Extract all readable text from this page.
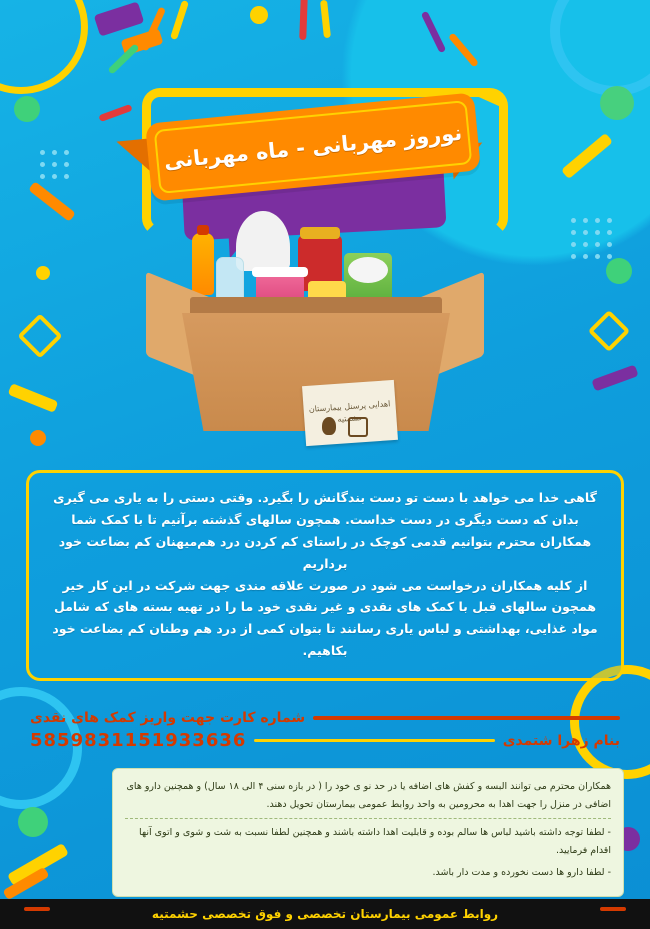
نوروز مهربانی - ماه مهربانی
اهدایی پرسنل بیمارستان حشمتیه

گاهی خدا می خواهد با دست تو دست بندگانش را بگیرد. وقتی دستی را به یاری می گیری بدان که دست دیگری در دست خداست. همچون سالهای گذشته برآنیم تا با کمک شما همکاران محترم بتوانیم قدمی کوچک در راستای کم کردن درد هم‌میهنان کم بضاعت خود برداریم

از کلیه همکاران درخواست می شود در صورت علاقه مندی جهت شرکت در این کار خیر همچون سالهای قبل با کمک های نقدی و غیر نقدی خود ما را در تهیه بسته های که شامل مواد غذایی، بهداشتی و لباس یاری رسانند تا بتوان کمی از درد هم وطنان کم بضاعت خود بکاهیم.

شماره کارت جهت واریز کمک های نقدی
بنام زهرا شتمدی
5859831151933636

همکاران محترم می توانند البسه و کفش های اضافه یا در حد نو ی خود را ( در بازه سنی ۴ الی ۱۸ سال) و همچنین دارو های اضافی در منزل را جهت اهدا به محرومین به واحد روابط عمومی بیمارستان تحویل دهند.

- لطفا توجه داشته باشید لباس ها سالم بوده و قابلیت اهدا داشته باشند و همچنین لطفا نسبت به شت و شوی و اتوی آنها اقدام فرمایید.

- لطفا دارو ها دست نخورده و مدت دار باشد.

روابط عمومی بیمارستان تخصصی و فوق تخصصی حشمتیه
